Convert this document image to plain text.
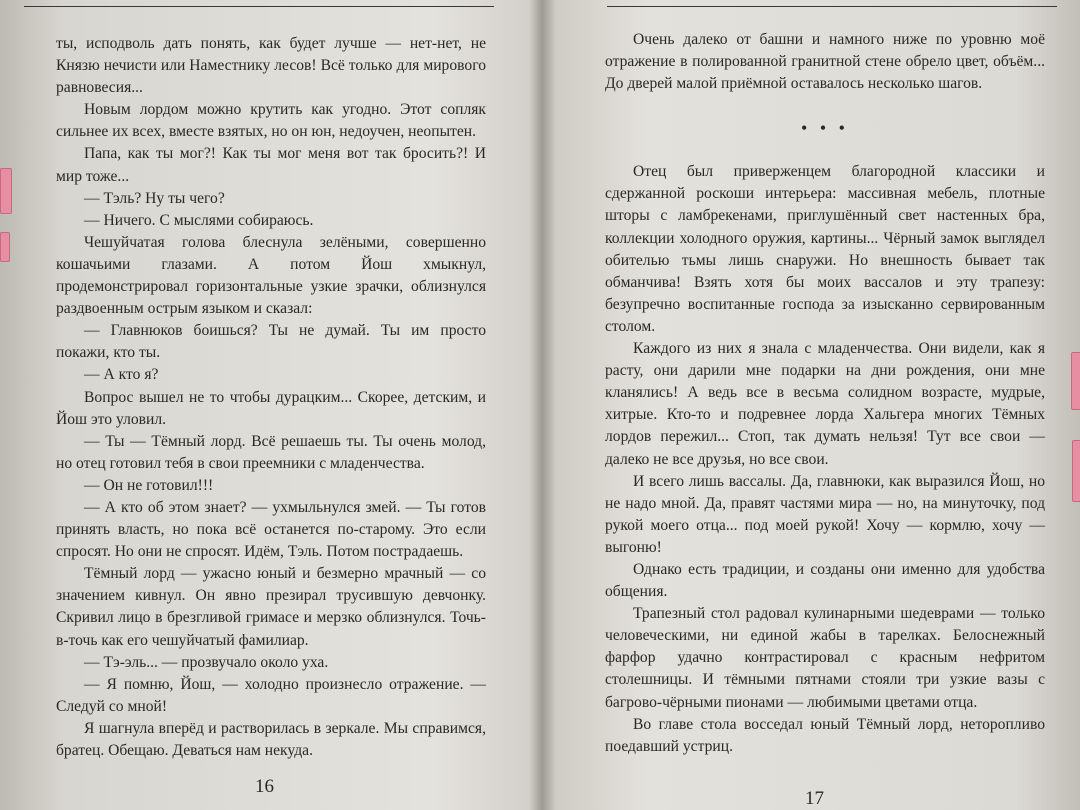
ты, исподволь дать понять, как будет лучше — нет-нет, не Князю нечисти или Наместнику лесов! Всё только для мирового равновесия...

Новым лордом можно крутить как угодно. Этот сопляк сильнее их всех, вместе взятых, но он юн, недоучен, неопытен.

Папа, как ты мог?! Как ты мог меня вот так бросить?! И мир тоже...

— Тэль? Ну ты чего?

— Ничего. С мыслями собираюсь.

Чешуйчатая голова блеснула зелёными, совершенно кошачьими глазами. А потом Йош хмыкнул, продемонстрировал горизонтальные узкие зрачки, облизнулся раздвоенным острым языком и сказал:

— Главнюков боишься? Ты не думай. Ты им просто покажи, кто ты.

— А кто я?

Вопрос вышел не то чтобы дурацким... Скорее, детским, и Йош это уловил.

— Ты — Тёмный лорд. Всё решаешь ты. Ты очень молод, но отец готовил тебя в свои преемники с младенчества.

— Он не готовил!!!

— А кто об этом знает? — ухмыльнулся змей. — Ты готов принять власть, но пока всё останется по-старому. Это если спросят. Но они не спросят. Идём, Тэль. Потом пострадаешь.

Тёмный лорд — ужасно юный и безмерно мрачный — со значением кивнул. Он явно презирал трусившую девчонку. Скривил лицо в брезгливой гримасе и мерзко облизнулся. Точь-в-точь как его чешуйчатый фамилиар.

— Тэ-эль... — прозвучало около уха.

— Я помню, Йош, — холодно произнесло отражение. — Следуй со мной!

Я шагнула вперёд и растворилась в зеркале. Мы справимся, братец. Обещаю. Деваться нам некуда.

16

Очень далеко от башни и намного ниже по уровню моё отражение в полированной гранитной стене обрело цвет, объём... До дверей малой приёмной оставалось несколько шагов.

• • •

Отец был приверженцем благородной классики и сдержанной роскоши интерьера: массивная мебель, плотные шторы с ламбрекенами, приглушённый свет настенных бра, коллекции холодного оружия, картины... Чёрный замок выглядел обителью тьмы лишь снаружи. Но внешность бывает так обманчива! Взять хотя бы моих вассалов и эту трапезу: безупречно воспитанные господа за изысканно сервированным столом.

Каждого из них я знала с младенчества. Они видели, как я расту, они дарили мне подарки на дни рождения, они мне кланялись! А ведь все в весьма солидном возрасте, мудрые, хитрые. Кто-то и подревнее лорда Хальгера многих Тёмных лордов пережил... Стоп, так думать нельзя! Тут все свои — далеко не все друзья, но все свои.

И всего лишь вассалы. Да, главнюки, как выразился Йош, но не надо мной. Да, правят частями мира — но, на минуточку, под рукой моего отца... под моей рукой! Хочу — кормлю, хочу — выгоню!

Однако есть традиции, и созданы они именно для удобства общения.

Трапезный стол радовал кулинарными шедеврами — только человеческими, ни единой жабы в тарелках. Белоснежный фарфор удачно контрастировал с красным нефритом столешницы. И тёмными пятнами стояли три узкие вазы с багрово-чёрными пионами — любимыми цветами отца.

Во главе стола восседал юный Тёмный лорд, неторопливо поедавший устриц.

17
